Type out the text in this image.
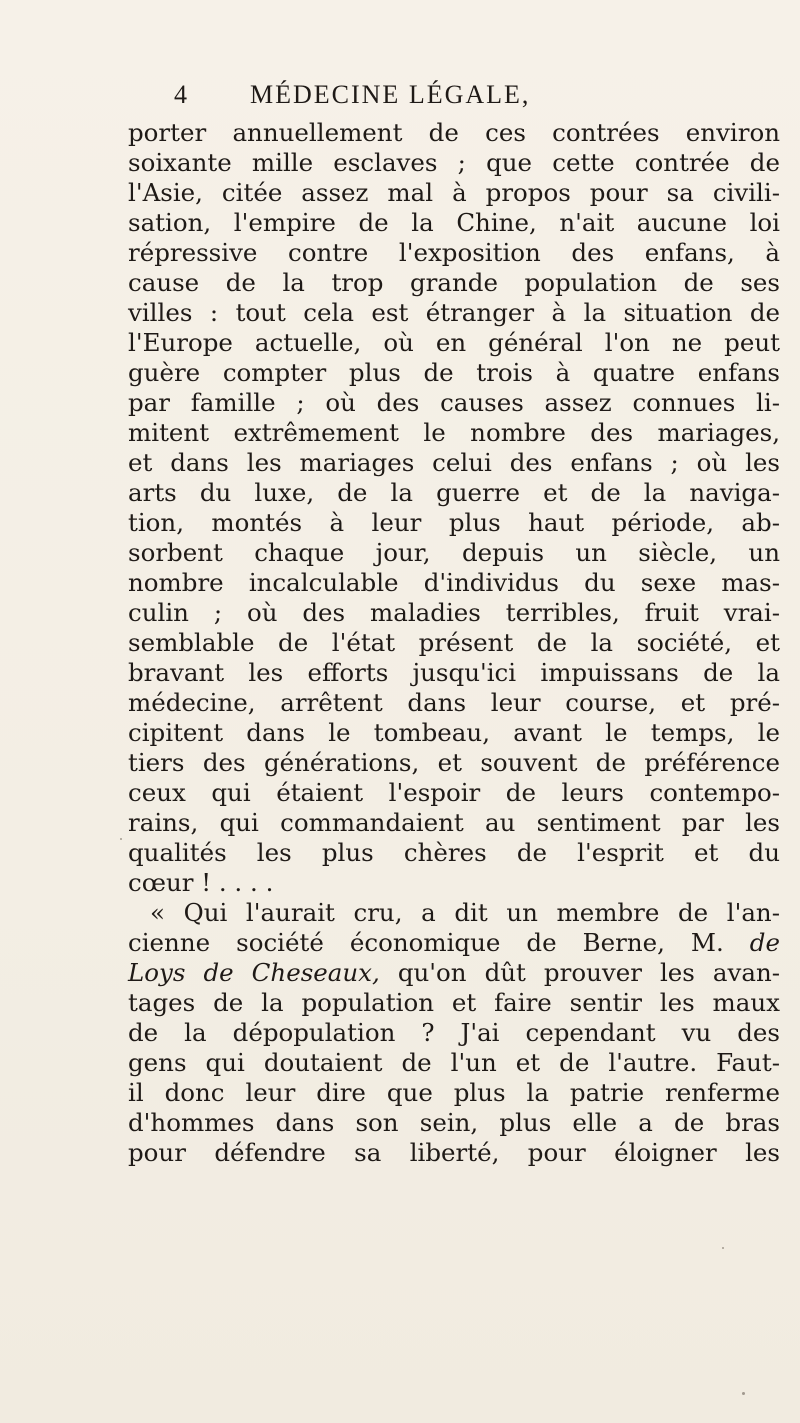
4 MÉDECINE LÉGALE,
porter annuellement de ces contrées environ
soixante mille esclaves ; que cette contrée de
l'Asie, citée assez mal à propos pour sa civili-
sation, l'empire de la Chine, n'ait aucune loi
répressive contre l'exposition des enfans, à
cause de la trop grande population de ses
villes : tout cela est étranger à la situation de
l'Europe actuelle, où en général l'on ne peut
guère compter plus de trois à quatre enfans
par famille ; où des causes assez connues li-
mitent extrêmement le nombre des mariages,
et dans les mariages celui des enfans ; où les
arts du luxe, de la guerre et de la naviga-
tion, montés à leur plus haut période, ab-
sorbent chaque jour, depuis un siècle, un
nombre incalculable d'individus du sexe mas-
culin ; où des maladies terribles, fruit vrai-
semblable de l'état présent de la société, et
bravant les efforts jusqu'ici impuissans de la
médecine, arrêtent dans leur course, et pré-
cipitent dans le tombeau, avant le temps, le
tiers des générations, et souvent de préférence
ceux qui étaient l'espoir de leurs contempo-
rains, qui commandaient au sentiment par les
qualités les plus chères de l'esprit et du
cœur ! . . . .
« Qui l'aurait cru, a dit un membre de l'an-
cienne société économique de Berne, M. de
Loys de Cheseaux, qu'on dût prouver les avan-
tages de la population et faire sentir les maux
de la dépopulation ? J'ai cependant vu des
gens qui doutaient de l'un et de l'autre. Faut-
il donc leur dire que plus la patrie renferme
d'hommes dans son sein, plus elle a de bras
pour défendre sa liberté, pour éloigner les
